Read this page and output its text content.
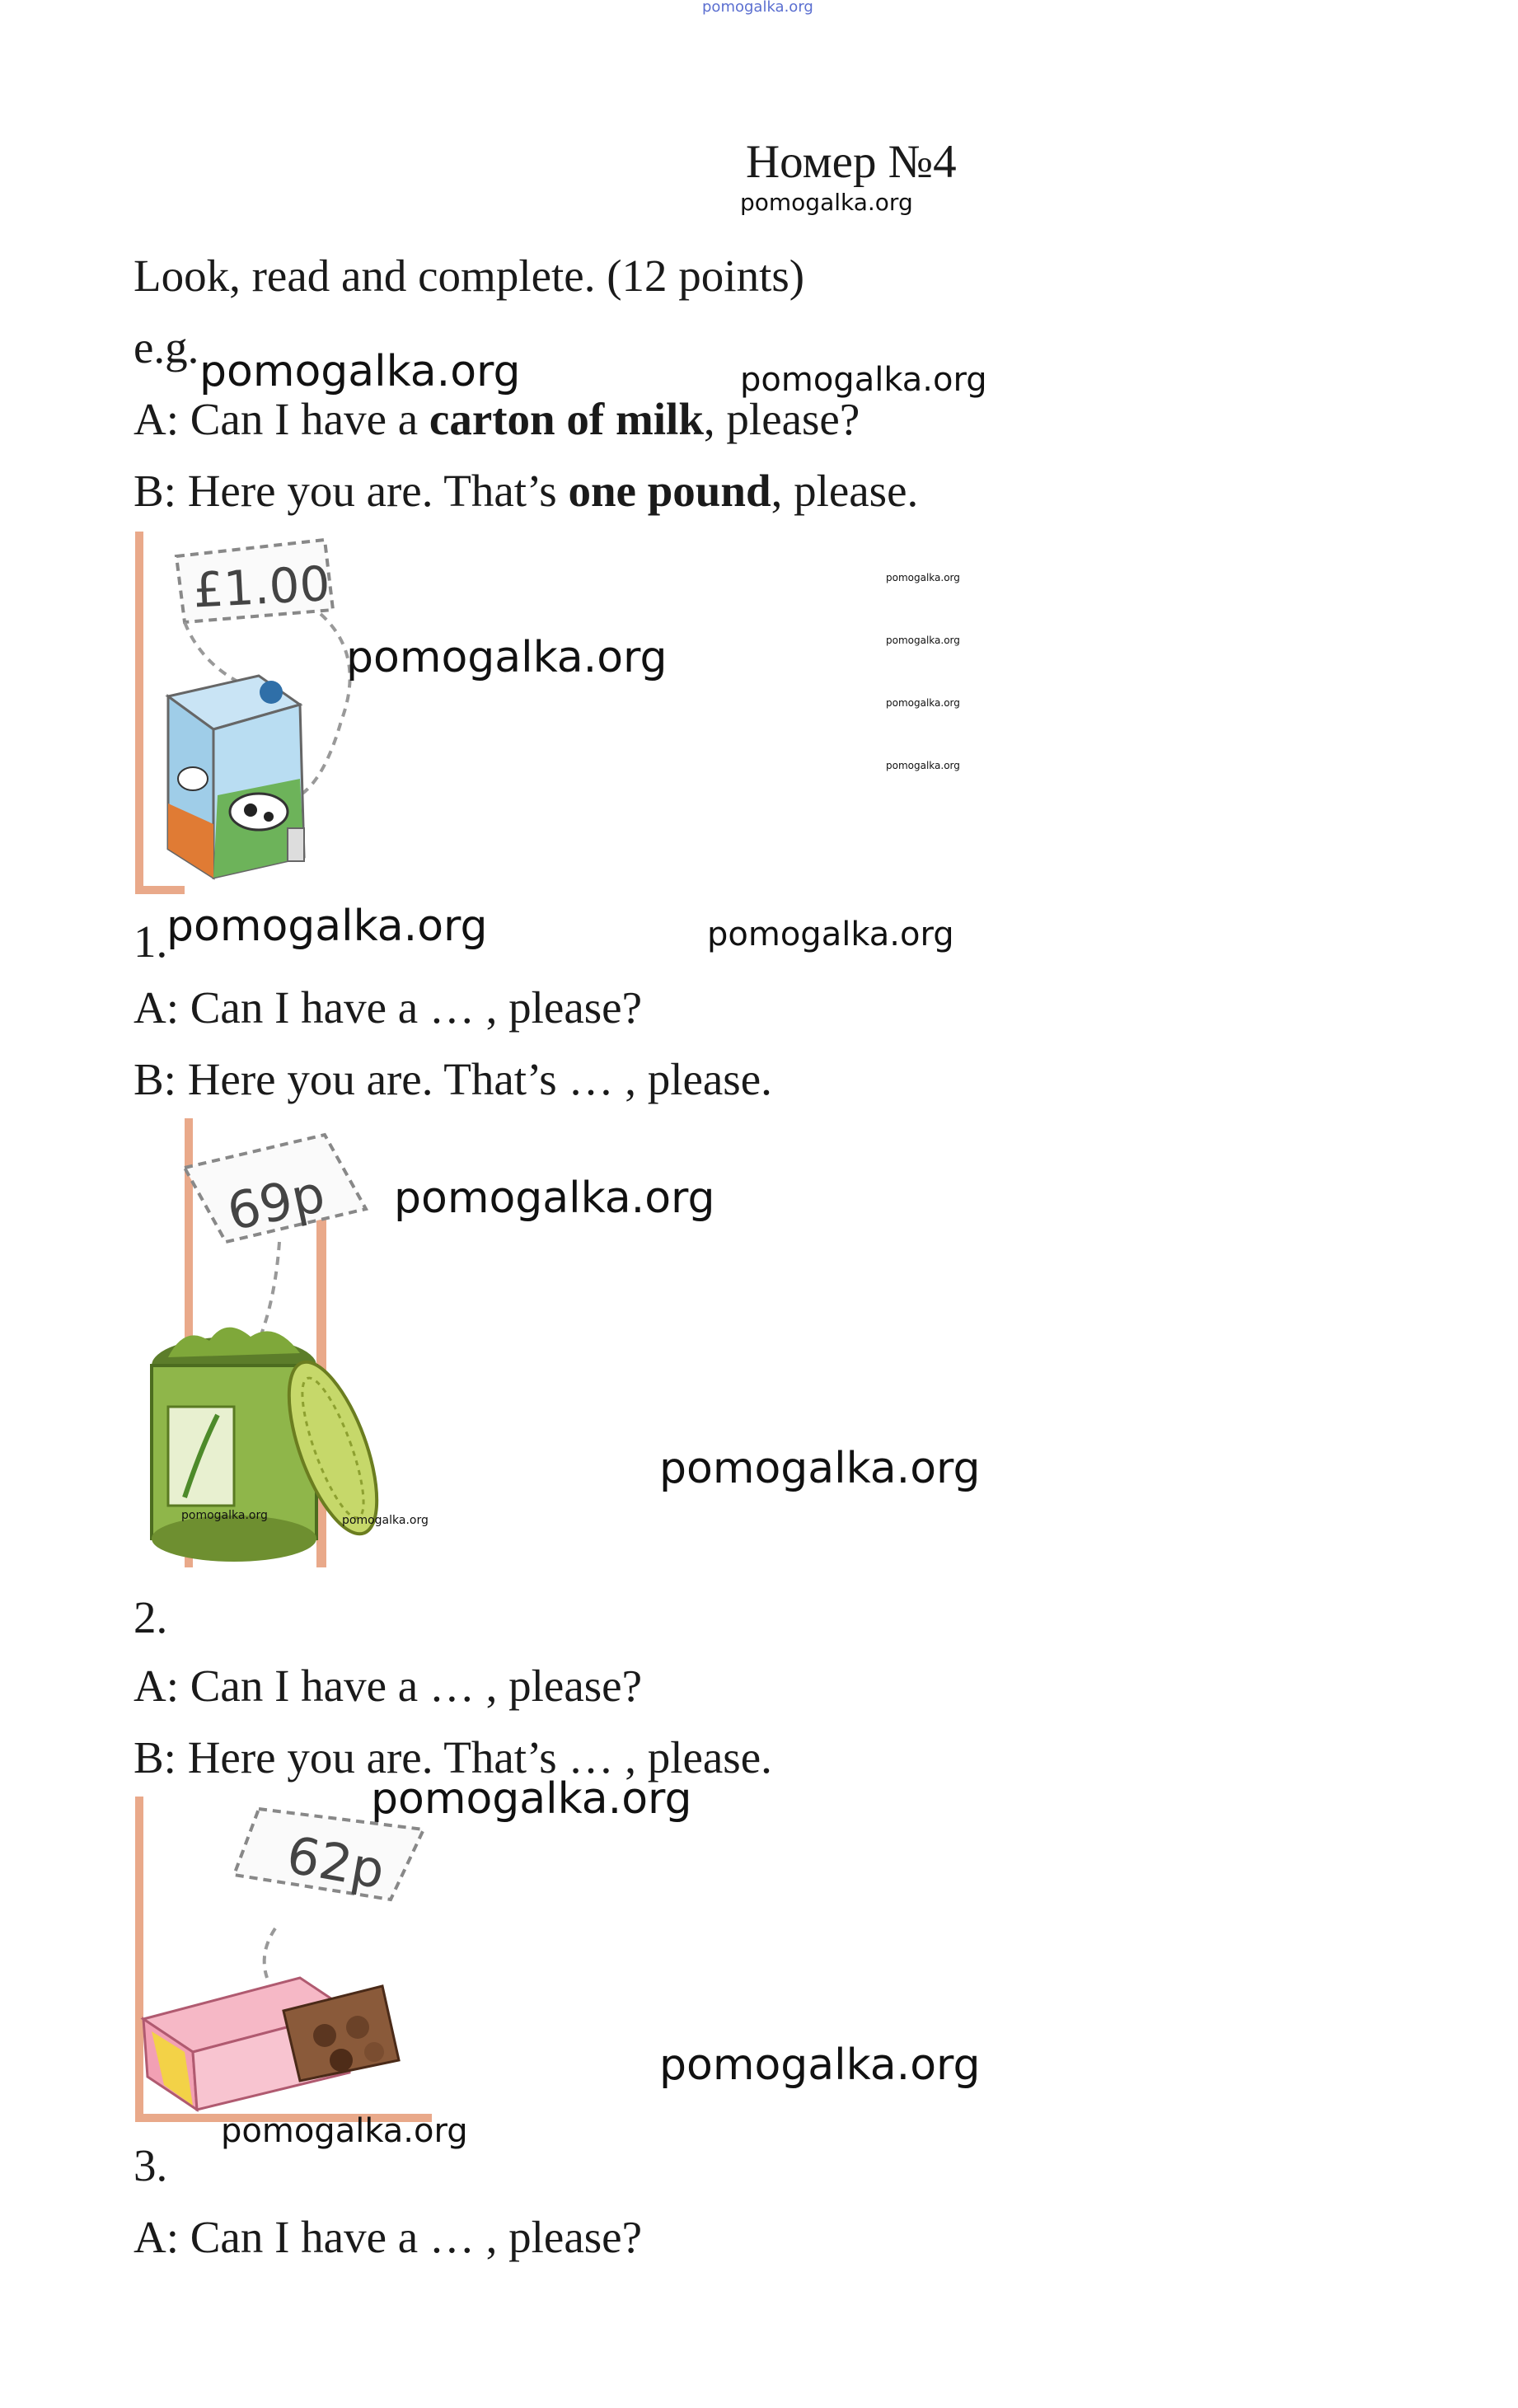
pomogalka.org
Номер №4
pomogalka.org
Look, read and complete. (12 points)
e.g. pomogalka.org	pomogalka.org
A: Can I have a carton of milk, please?
B: Here you are. That’s one pound, please.
£1.00
pomogalka.org
pomogalka.org
pomogalka.org
pomogalka.org
pomogalka.org
1.
pomogalka.org	pomogalka.org
A: Can I have a … , please?
B: Here you are. That’s … , please.
69p pomogalka.org
pomogalka.org
pomogalka.org	pomogalka.org
2.
A: Can I have a … , please?
B: Here you are. That’s … , please.
pomogalka.org
62p
pomogalka.org
pomogalka.org
3.
A: Can I have a … , please?
